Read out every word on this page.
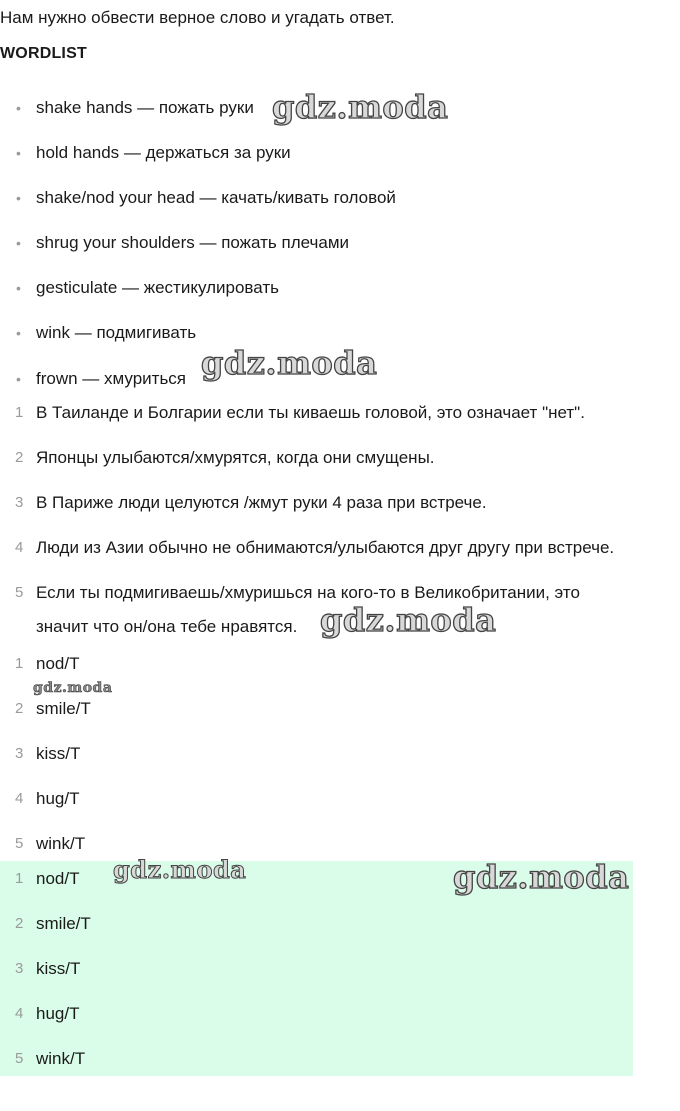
Нам нужно обвести верное слово и угадать ответ.
WORDLIST
• shake hands — пожать руки
• hold hands — держаться за руки
• shake/nod your head — качать/кивать головой
• shrug your shoulders — пожать плечами
• gesticulate — жестикулировать
• wink — подмигивать
• frown — хмуриться
1 В Таиланде и Болгарии если ты киваешь головой, это означает "нет".
2 Японцы улыбаются/хмурятся, когда они смущены.
3 В Париже люди целуются /жмут руки 4 раза при встрече.
4 Люди из Азии обычно не обнимаются/улыбаются друг другу при встрече.
5 Если ты подмигиваешь/хмуришься на кого-то в Великобритании, это
значит что он/она тебе нравятся.
1 nod/T
2 smile/T
3 kiss/T
4 hug/T
5 wink/T
1 nod/T
2 smile/T
3 kiss/T
4 hug/T
5 wink/T
gdz.moda
gdz.moda
gdz.moda
gdz.moda
gdz.moda	gdz.moda
